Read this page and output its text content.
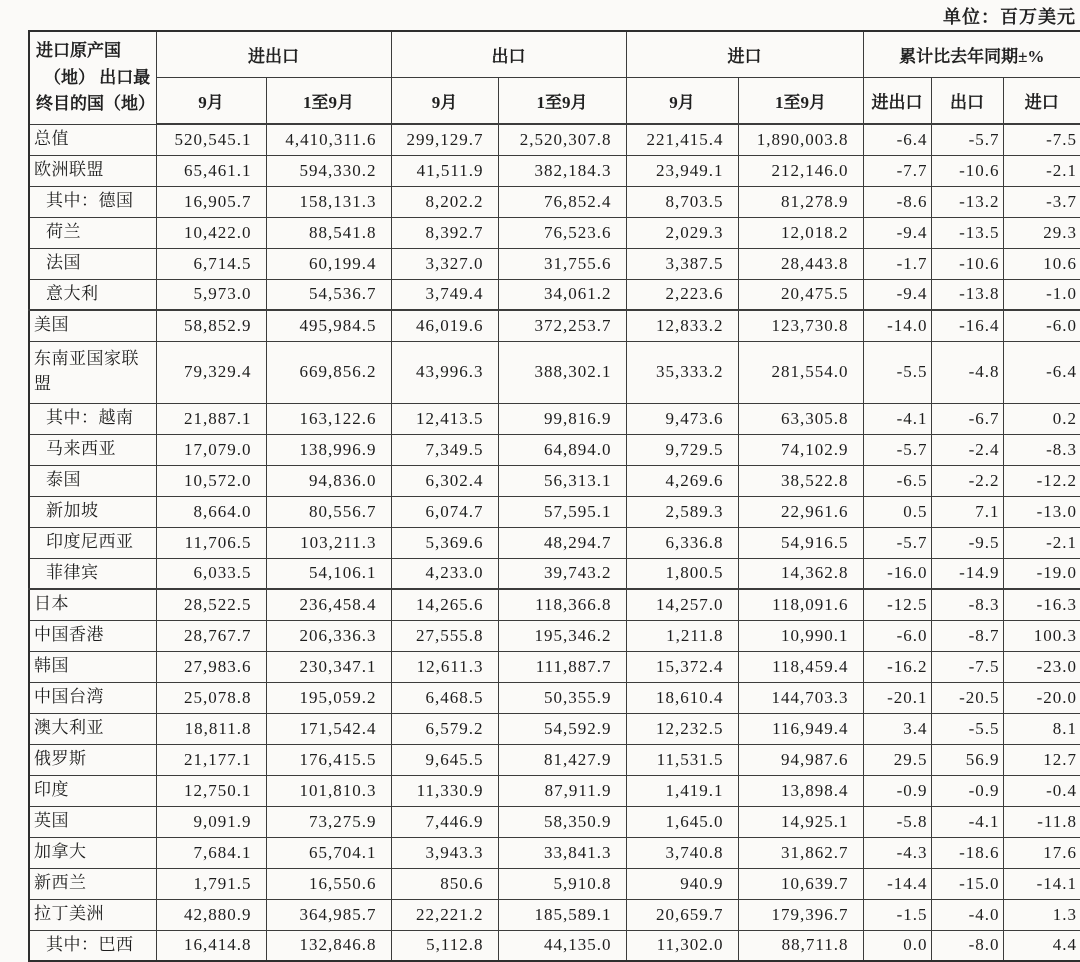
单位：百万美元
进口原产国
（地） 出口最
终目的国（地）	进出口		出口		进口		累计比去年同期±%		
	9月	1至9月	9月	1至9月	9月	1至9月	进出口	出口	进口
总值	520,545.1	4,410,311.6	299,129.7	2,520,307.8	221,415.4	1,890,003.8	-6.4	-5.7	-7.5
欧洲联盟	65,461.1	594,330.2	41,511.9	382,184.3	23,949.1	212,146.0	-7.7	-10.6	-2.1
其中：德国	16,905.7	158,131.3	8,202.2	76,852.4	8,703.5	81,278.9	-8.6	-13.2	-3.7
荷兰	10,422.0	88,541.8	8,392.7	76,523.6	2,029.3	12,018.2	-9.4	-13.5	29.3
法国	6,714.5	60,199.4	3,327.0	31,755.6	3,387.5	28,443.8	-1.7	-10.6	10.6
意大利	5,973.0	54,536.7	3,749.4	34,061.2	2,223.6	20,475.5	-9.4	-13.8	-1.0
美国	58,852.9	495,984.5	46,019.6	372,253.7	12,833.2	123,730.8	-14.0	-16.4	-6.0
东南亚国家联盟	79,329.4	669,856.2	43,996.3	388,302.1	35,333.2	281,554.0	-5.5	-4.8	-6.4
其中：越南	21,887.1	163,122.6	12,413.5	99,816.9	9,473.6	63,305.8	-4.1	-6.7	0.2
马来西亚	17,079.0	138,996.9	7,349.5	64,894.0	9,729.5	74,102.9	-5.7	-2.4	-8.3
泰国	10,572.0	94,836.0	6,302.4	56,313.1	4,269.6	38,522.8	-6.5	-2.2	-12.2
新加坡	8,664.0	80,556.7	6,074.7	57,595.1	2,589.3	22,961.6	0.5	7.1	-13.0
印度尼西亚	11,706.5	103,211.3	5,369.6	48,294.7	6,336.8	54,916.5	-5.7	-9.5	-2.1
菲律宾	6,033.5	54,106.1	4,233.0	39,743.2	1,800.5	14,362.8	-16.0	-14.9	-19.0
日本	28,522.5	236,458.4	14,265.6	118,366.8	14,257.0	118,091.6	-12.5	-8.3	-16.3
中国香港	28,767.7	206,336.3	27,555.8	195,346.2	1,211.8	10,990.1	-6.0	-8.7	100.3
韩国	27,983.6	230,347.1	12,611.3	111,887.7	15,372.4	118,459.4	-16.2	-7.5	-23.0
中国台湾	25,078.8	195,059.2	6,468.5	50,355.9	18,610.4	144,703.3	-20.1	-20.5	-20.0
澳大利亚	18,811.8	171,542.4	6,579.2	54,592.9	12,232.5	116,949.4	3.4	-5.5	8.1
俄罗斯	21,177.1	176,415.5	9,645.5	81,427.9	11,531.5	94,987.6	29.5	56.9	12.7
印度	12,750.1	101,810.3	11,330.9	87,911.9	1,419.1	13,898.4	-0.9	-0.9	-0.4
英国	9,091.9	73,275.9	7,446.9	58,350.9	1,645.0	14,925.1	-5.8	-4.1	-11.8
加拿大	7,684.1	65,704.1	3,943.3	33,841.3	3,740.8	31,862.7	-4.3	-18.6	17.6
新西兰	1,791.5	16,550.6	850.6	5,910.8	940.9	10,639.7	-14.4	-15.0	-14.1
拉丁美洲	42,880.9	364,985.7	22,221.2	185,589.1	20,659.7	179,396.7	-1.5	-4.0	1.3
其中：巴西	16,414.8	132,846.8	5,112.8	44,135.0	11,302.0	88,711.8	0.0	-8.0	4.4
